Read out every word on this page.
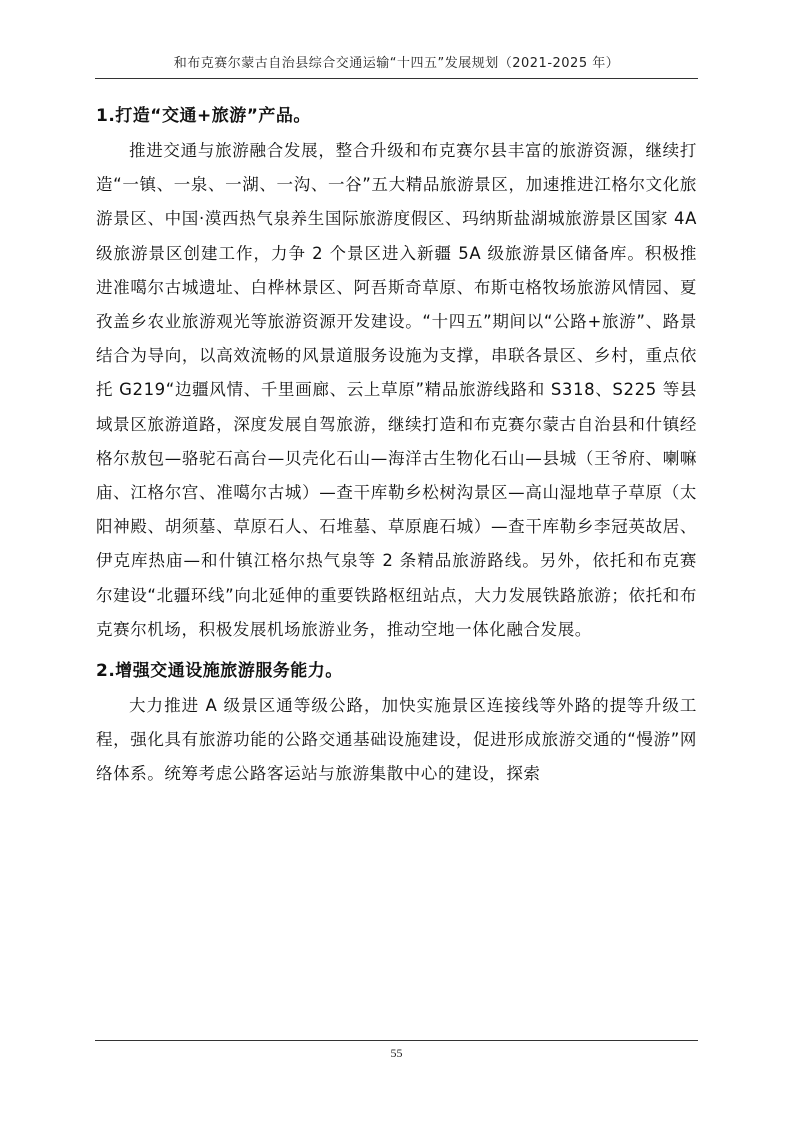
和布克赛尔蒙古自治县综合交通运输“十四五”发展规划（2021-2025 年）
1.打造“交通+旅游”产品。

推进交通与旅游融合发展，整合升级和布克赛尔县丰富的旅游资源，继续打造“一镇、一泉、一湖、一沟、一谷”五大精品旅游景区，加速推进江格尔文化旅游景区、中国·漠西热气泉养生国际旅游度假区、玛纳斯盐湖城旅游景区国家 4A 级旅游景区创建工作，力争 2 个景区进入新疆 5A 级旅游景区储备库。积极推进准噶尔古城遗址、白桦林景区、阿吾斯奇草原、布斯屯格牧场旅游风情园、夏孜盖乡农业旅游观光等旅游资源开发建设。“十四五”期间以“公路+旅游”、路景结合为导向，以高效流畅的风景道服务设施为支撑，串联各景区、乡村，重点依托 G219“边疆风情、千里画廊、云上草原”精品旅游线路和 S318、S225 等县域景区旅游道路，深度发展自驾旅游，继续打造和布克赛尔蒙古自治县和什镇经格尔敖包—骆驼石高台—贝壳化石山—海洋古生物化石山—县城（王爷府、喇嘛庙、江格尔宫、准噶尔古城）—查干库勒乡松树沟景区—高山湿地草子草原（太阳神殿、胡须墓、草原石人、石堆墓、草原鹿石城）—查干库勒乡李冠英故居、伊克库热庙—和什镇江格尔热气泉等 2 条精品旅游路线。另外，依托和布克赛尔建设“北疆环线”向北延伸的重要铁路枢纽站点，大力发展铁路旅游；依托和布克赛尔机场，积极发展机场旅游业务，推动空地一体化融合发展。

2.增强交通设施旅游服务能力。

大力推进 A 级景区通等级公路，加快实施景区连接线等外路的提等升级工程，强化具有旅游功能的公路交通基础设施建设，促进形成旅游交通的“慢游”网络体系。统筹考虑公路客运站与旅游集散中心的建设，探索

55
